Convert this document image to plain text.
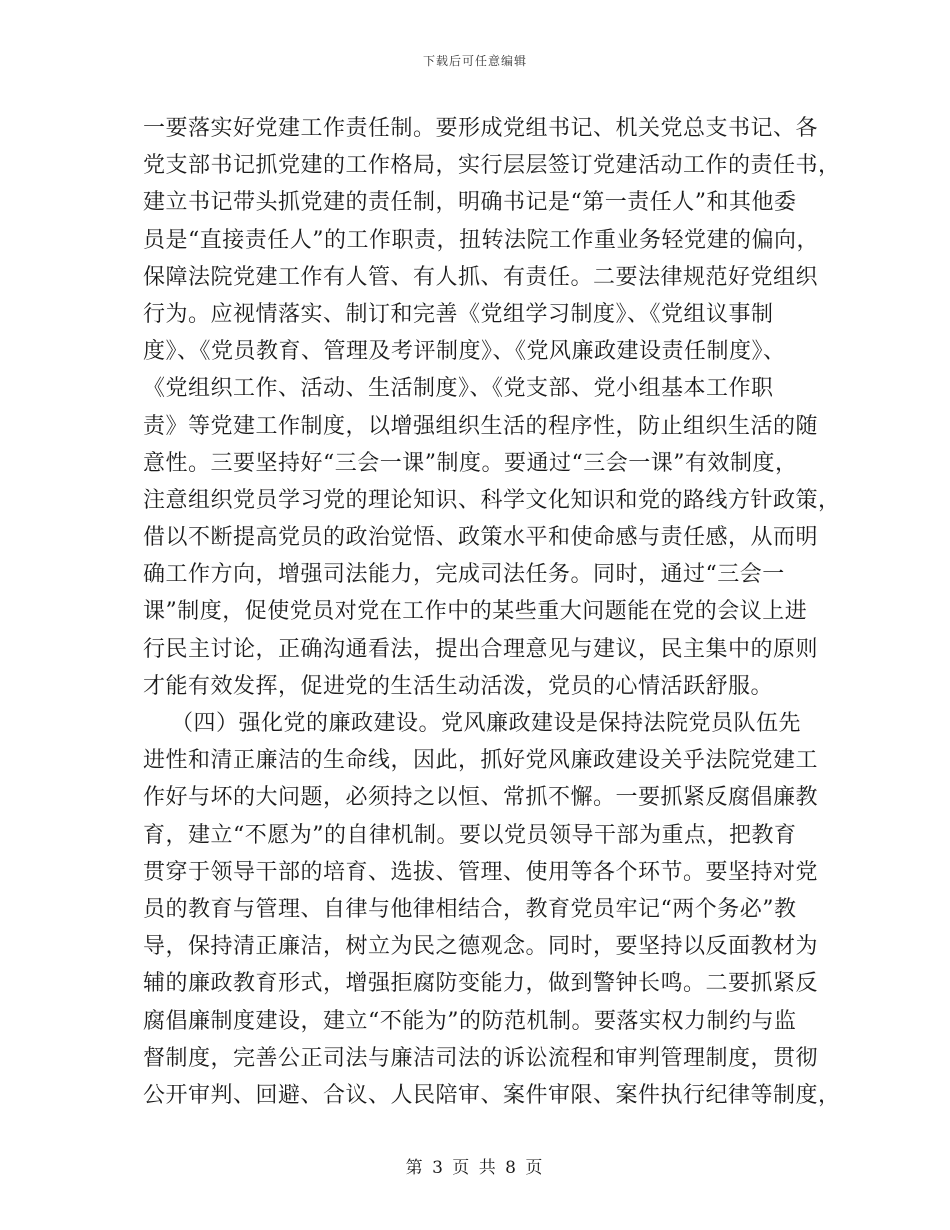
下载后可任意编辑
一要落实好党建工作责任制。要形成党组书记、机关党总支书记、各
党支部书记抓党建的工作格局，实行层层签订党建活动工作的责任书，
建立书记带头抓党建的责任制，明确书记是“第一责任人”和其他委
员是“直接责任人”的工作职责，扭转法院工作重业务轻党建的偏向，
保障法院党建工作有人管、有人抓、有责任。二要法律规范好党组织
行为。应视情落实、制订和完善《党组学习制度》、《党组议事制
度》、《党员教育、管理及考评制度》、《党风廉政建设责任制度》、
《党组织工作、活动、生活制度》、《党支部、党小组基本工作职
责》等党建工作制度，以增强组织生活的程序性，防止组织生活的随
意性。三要坚持好“三会一课”制度。要通过“三会一课”有效制度，
注意组织党员学习党的理论知识、科学文化知识和党的路线方针政策，
借以不断提高党员的政治觉悟、政策水平和使命感与责任感，从而明
确工作方向，增强司法能力，完成司法任务。同时，通过“三会一
课”制度，促使党员对党在工作中的某些重大问题能在党的会议上进
行民主讨论，正确沟通看法，提出合理意见与建议，民主集中的原则
才能有效发挥，促进党的生活生动活泼，党员的心情活跃舒服。
（四）强化党的廉政建设。党风廉政建设是保持法院党员队伍先
进性和清正廉洁的生命线，因此，抓好党风廉政建设关乎法院党建工
作好与坏的大问题，必须持之以恒、常抓不懈。一要抓紧反腐倡廉教
育，建立“不愿为”的自律机制。要以党员领导干部为重点，把教育
贯穿于领导干部的培育、选拔、管理、使用等各个环节。要坚持对党
员的教育与管理、自律与他律相结合，教育党员牢记“两个务必”教
导，保持清正廉洁，树立为民之德观念。同时，要坚持以反面教材为
辅的廉政教育形式，增强拒腐防变能力，做到警钟长鸣。二要抓紧反
腐倡廉制度建设，建立“不能为”的防范机制。要落实权力制约与监
督制度，完善公正司法与廉洁司法的诉讼流程和审判管理制度，贯彻
公开审判、回避、合议、人民陪审、案件审限、案件执行纪律等制度，
第 3 页 共 8 页
